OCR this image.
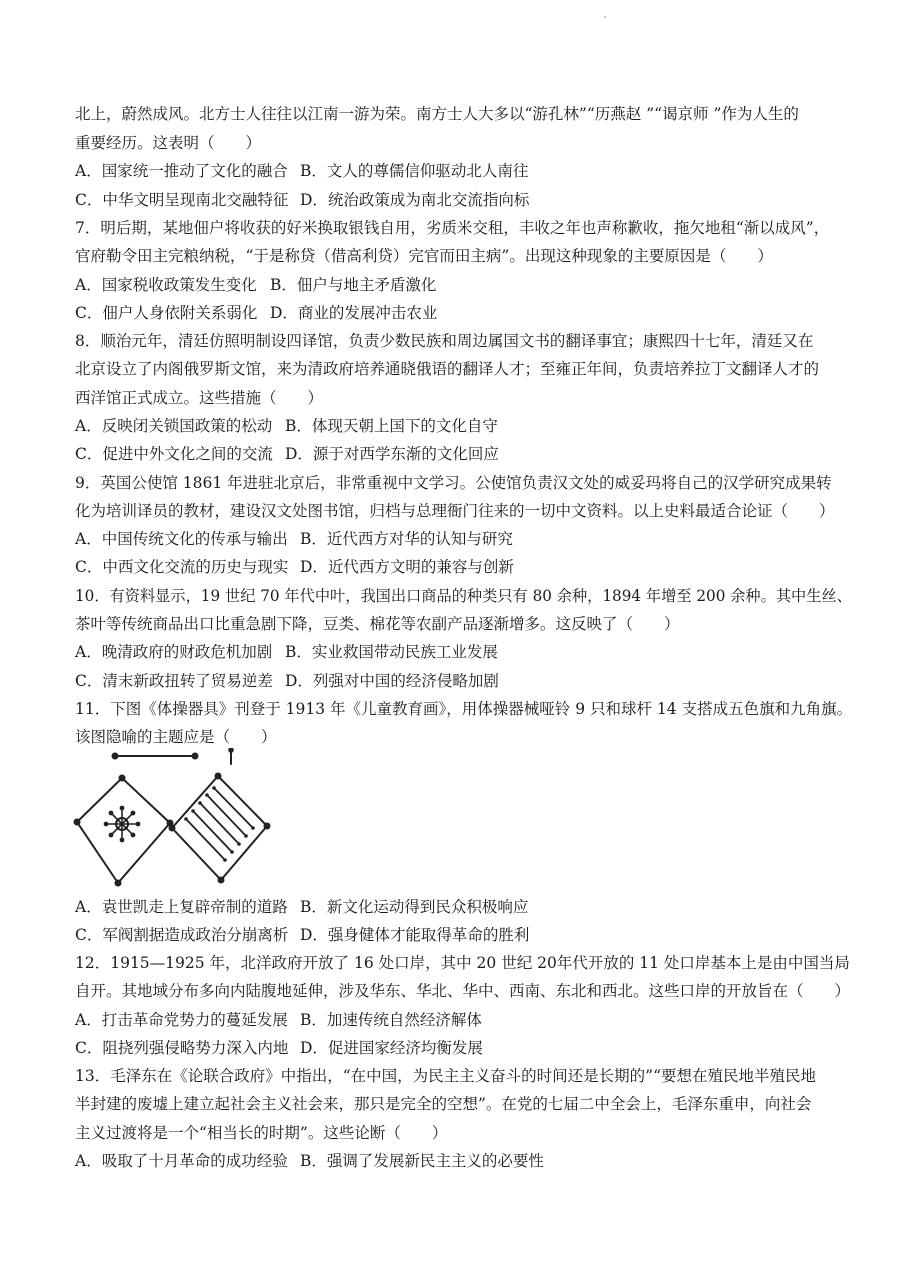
北上，蔚然成风。北方士人往往以江南一游为荣。南方士人大多以“游孔林”“历燕赵 ”“谒京师 ”作为人生的
重要经历。这表明（　　）
A．国家统一推动了文化的融合 B．文人的尊儒信仰驱动北人南往
C．中华文明呈现南北交融特征 D．统治政策成为南北交流指向标
7．明后期，某地佃户将收获的好米换取银钱自用，劣质米交租，丰收之年也声称歉收，拖欠地租“渐以成风”，
官府勒令田主完粮纳税，“于是称贷（借高利贷）完官而田主病”。出现这种现象的主要原因是（　　）
A．国家税收政策发生变化 B．佃户与地主矛盾激化
C．佃户人身依附关系弱化 D．商业的发展冲击农业
8．顺治元年，清廷仿照明制设四译馆，负责少数民族和周边属国文书的翻译事宜；康熙四十七年，清廷又在
北京设立了内阁俄罗斯文馆，来为清政府培养通晓俄语的翻译人才；至雍正年间，负责培养拉丁文翻译人才的
西洋馆正式成立。这些措施（　　）
A．反映闭关锁国政策的松动 B．体现天朝上国下的文化自守
C．促进中外文化之间的交流 D．源于对西学东渐的文化回应
9．英国公使馆 1861 年进驻北京后，非常重视中文学习。公使馆负责汉文处的威妥玛将自己的汉学研究成果转
化为培训译员的教材，建设汉文处图书馆，归档与总理衙门往来的一切中文资料。以上史料最适合论证（　　）
A．中国传统文化的传承与输出 B．近代西方对华的认知与研究
C．中西文化交流的历史与现实 D．近代西方文明的兼容与创新
10．有资料显示，19 世纪 70 年代中叶，我国出口商品的种类只有 80 余种，1894 年增至 200 余种。其中生丝、
茶叶等传统商品出口比重急剧下降，豆类、棉花等农副产品逐渐增多。这反映了（　　）
A．晚清政府的财政危机加剧 B．实业救国带动民族工业发展
C．清末新政扭转了贸易逆差 D．列强对中国的经济侵略加剧
11．下图《体操器具》刊登于 1913 年《儿童教育画》，用体操器械哑铃 9 只和球杆 14 支搭成五色旗和九角旗。
该图隐喻的主题应是（　　）
A．袁世凯走上复辟帝制的道路 B．新文化运动得到民众积极响应
C．军阀割据造成政治分崩离析 D．强身健体才能取得革命的胜利
12．1915—1925 年，北洋政府开放了 16 处口岸，其中 20 世纪 20年代开放的 11 处口岸基本上是由中国当局
自开。其地域分布多向内陆腹地延伸，涉及华东、华北、华中、西南、东北和西北。这些口岸的开放旨在（　　）
A．打击革命党势力的蔓延发展 B．加速传统自然经济解体
C．阻挠列强侵略势力深入内地 D．促进国家经济均衡发展
13．毛泽东在《论联合政府》中指出，“在中国，为民主主义奋斗的时间还是长期的”“要想在殖民地半殖民地
半封建的废墟上建立起社会主义社会来，那只是完全的空想”。在党的七届二中全会上，毛泽东重申，向社会
主义过渡将是一个“相当长的时期”。这些论断（　　）
A．吸取了十月革命的成功经验 B．强调了发展新民主主义的必要性
